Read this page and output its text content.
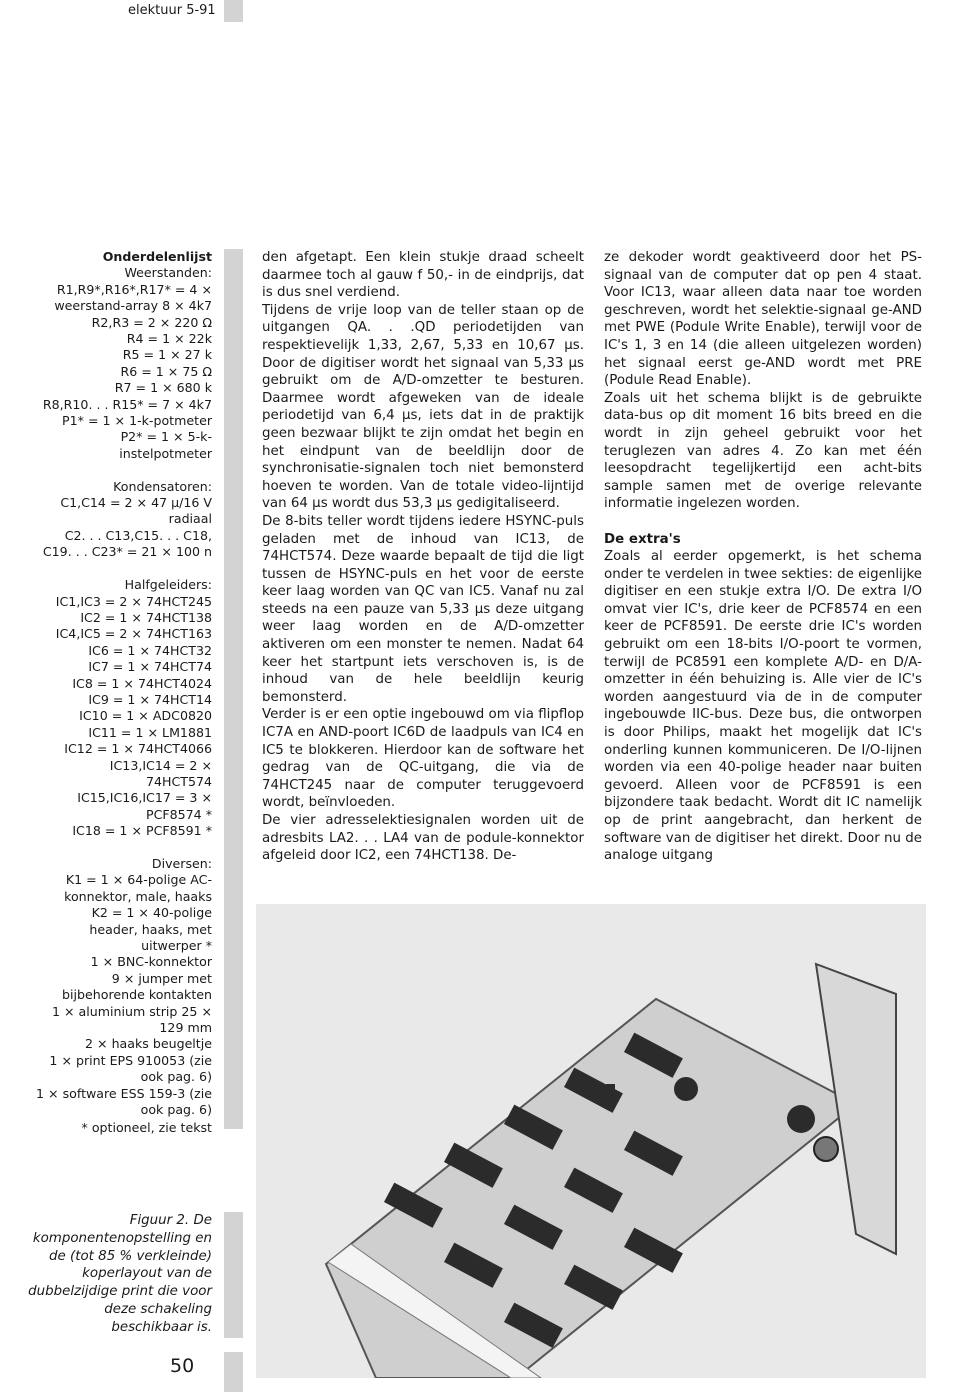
elektuur 5-91
Onderdelenlijst
Weerstanden:
R1,R9*,R16*,R17* = 4 ×
weerstand-array 8 × 4k7
R2,R3 = 2 × 220 Ω
R4 = 1 × 22k
R5 = 1 × 27 k
R6 = 1 × 75 Ω
R7 = 1 × 680 k
R8,R10. . . R15* = 7 × 4k7
P1* = 1 × 1-k-potmeter
P2* = 1 × 5-k-
instelpotmeter
Kondensatoren:
C1,C14 = 2 × 47 μ/16 V
radiaal
C2. . . C13,C15. . . C18,
C19. . . C23* = 21 × 100 n
Halfgeleiders:
IC1,IC3 = 2 × 74HCT245
IC2 = 1 × 74HCT138
IC4,IC5 = 2 × 74HCT163
IC6 = 1 × 74HCT32
IC7 = 1 × 74HCT74
IC8 = 1 × 74HCT4024
IC9 = 1 × 74HCT14
IC10 = 1 × ADC0820
IC11 = 1 × LM1881
IC12 = 1 × 74HCT4066
IC13,IC14 = 2 ×
74HCT574
IC15,IC16,IC17 = 3 ×
PCF8574 *
IC18 = 1 × PCF8591 *
Diversen:
K1 = 1 × 64-polige AC-
konnektor, male, haaks
K2 = 1 × 40-polige
header, haaks, met
uitwerper *
1 × BNC-konnektor
9 × jumper met
bijbehorende kontakten
1 × aluminium strip 25 ×
129 mm
2 × haaks beugeltje
1 × print EPS 910053 (zie
ook pag. 6)
1 × software ESS 159-3 (zie
ook pag. 6)
* optioneel, zie tekst

den afgetapt. Een klein stukje draad scheelt daarmee toch al gauw f 50,- in de eindprijs, dat is dus snel verdiend.

Tijdens de vrije loop van de teller staan op de uitgangen QA. . .QD periodetijden van respektievelijk 1,33, 2,67, 5,33 en 10,67 μs. Door de digitiser wordt het signaal van 5,33 μs gebruikt om de A/D-omzetter te besturen. Daarmee wordt afgeweken van de ideale periodetijd van 6,4 μs, iets dat in de praktijk geen bezwaar blijkt te zijn omdat het begin en het eindpunt van de beeldlijn door de synchronisatie-signalen toch niet bemonsterd hoeven te worden. Van de totale video-lijntijd van 64 μs wordt dus 53,3 μs gedigitaliseerd.

De 8-bits teller wordt tijdens iedere HSYNC-puls geladen met de inhoud van IC13, de 74HCT574. Deze waarde bepaalt de tijd die ligt tussen de HSYNC-puls en het voor de eerste keer laag worden van QC van IC5. Vanaf nu zal steeds na een pauze van 5,33 μs deze uitgang weer laag worden en de A/D-omzetter aktiveren om een monster te nemen. Nadat 64 keer het startpunt iets verschoven is, is de inhoud van de hele beeldlijn keurig bemonsterd.

Verder is er een optie ingebouwd om via flipflop IC7A en AND-poort IC6D de laadpuls van IC4 en IC5 te blokkeren. Hierdoor kan de software het gedrag van de QC-uitgang, die via de 74HCT245 naar de computer teruggevoerd wordt, beïnvloeden.

De vier adresselektiesignalen worden uit de adresbits LA2. . . LA4 van de podule-konnektor afgeleid door IC2, een 74HCT138. De-

ze dekoder wordt geaktiveerd door het PS-signaal van de computer dat op pen 4 staat. Voor IC13, waar alleen data naar toe worden geschreven, wordt het selektie-signaal ge-AND met PWE (Podule Write Enable), terwijl voor de IC's 1, 3 en 14 (die alleen uitgelezen worden) het signaal eerst ge-AND wordt met PRE (Podule Read Enable).

Zoals uit het schema blijkt is de gebruikte data-bus op dit moment 16 bits breed en die wordt in zijn geheel gebruikt voor het teruglezen van adres 4. Zo kan met één leesopdracht tegelijkertijd een acht-bits sample samen met de overige relevante informatie ingelezen worden.

De extra's

Zoals al eerder opgemerkt, is het schema onder te verdelen in twee sekties: de eigenlijke digitiser en een stukje extra I/O. De extra I/O omvat vier IC's, drie keer de PCF8574 en een keer de PCF8591. De eerste drie IC's worden gebruikt om een 18-bits I/O-poort te vormen, terwijl de PC8591 een komplete A/D- en D/A-omzetter in één behuizing is. Alle vier de IC's worden aangestuurd via de in de computer ingebouwde IIC-bus. Deze bus, die ontworpen is door Philips, maakt het mogelijk dat IC's onderling kunnen kommuniceren. De I/O-lijnen worden via een 40-polige header naar buiten gevoerd. Alleen voor de PCF8591 is een bijzondere taak bedacht. Wordt dit IC namelijk op de print aangebracht, dan herkent de software van de digitiser het direkt. Door nu de analoge uitgang

Figuur 2. De komponentenopstelling en de (tot 85 % verkleinde) koperlayout van de dubbelzijdige print die voor deze schakeling beschikbaar is.
50
